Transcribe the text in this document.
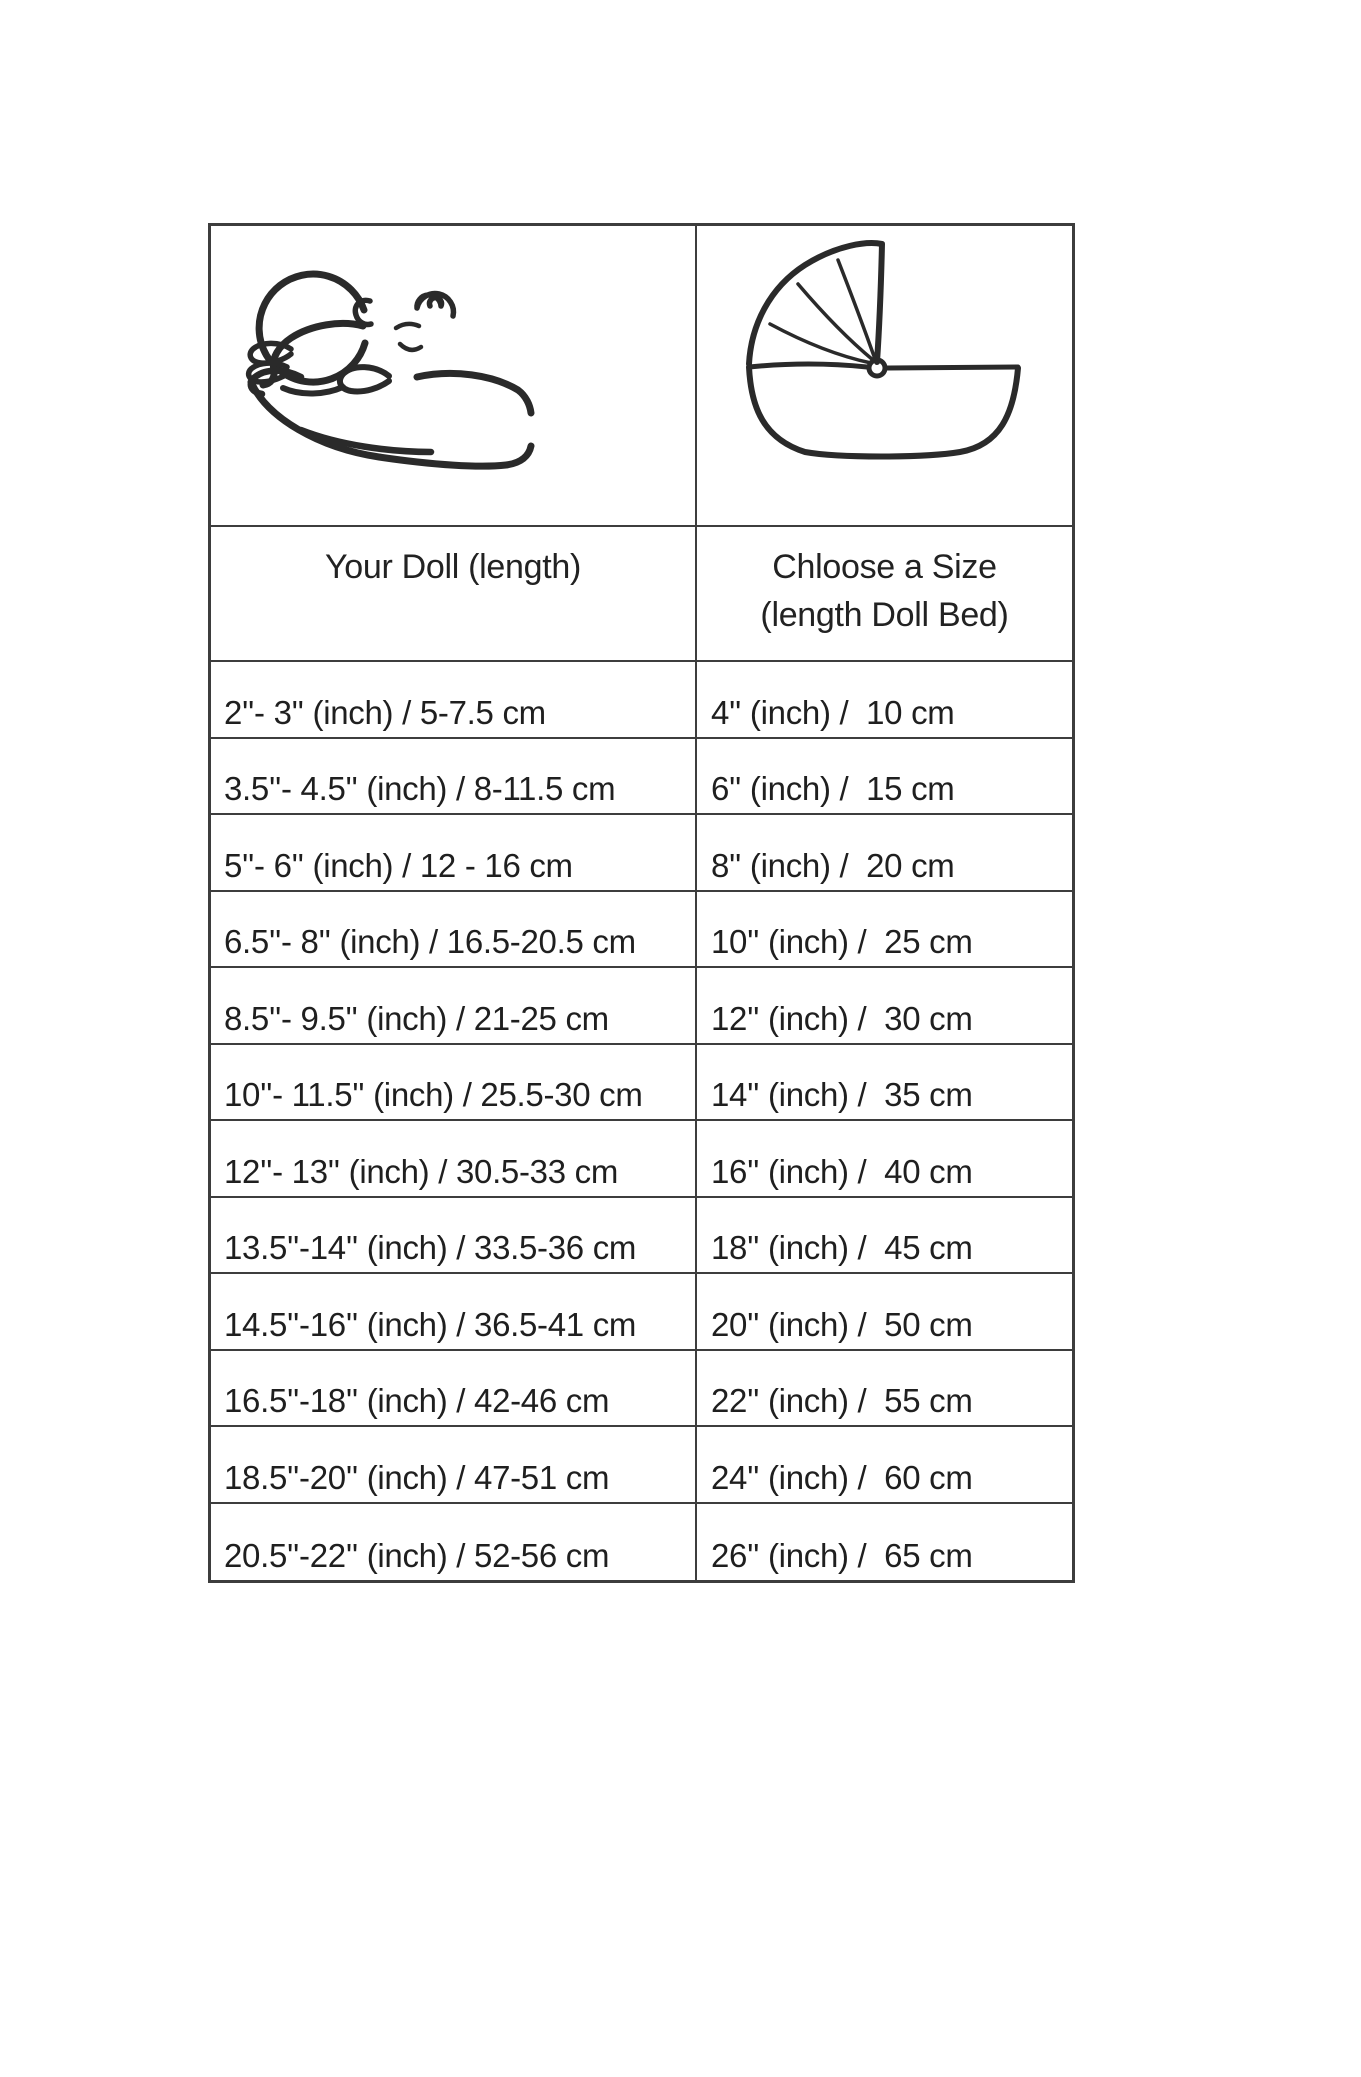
Your Doll (length)	Chloose a Size
(length Doll Bed)
2''- 3'' (inch) / 5-7.5 cm	4'' (inch) /  10 cm
3.5''- 4.5'' (inch) / 8-11.5 cm	6'' (inch) /  15 cm
5''- 6'' (inch) / 12 - 16 cm	8'' (inch) /  20 cm
6.5''- 8'' (inch) / 16.5-20.5 cm	10'' (inch) /  25 cm
8.5''- 9.5'' (inch) / 21-25 cm	12'' (inch) /  30 cm
10''- 11.5'' (inch) / 25.5-30 cm	14'' (inch) /  35 cm
12''- 13'' (inch) / 30.5-33 cm	16'' (inch) /  40 cm
13.5''-14'' (inch) / 33.5-36 cm	18'' (inch) /  45 cm
14.5''-16'' (inch) / 36.5-41 cm	20'' (inch) /  50 cm
16.5''-18'' (inch) / 42-46 cm	22'' (inch) /  55 cm
18.5''-20'' (inch) / 47-51 cm	24'' (inch) /  60 cm
20.5''-22'' (inch) / 52-56 cm	26'' (inch) /  65 cm
